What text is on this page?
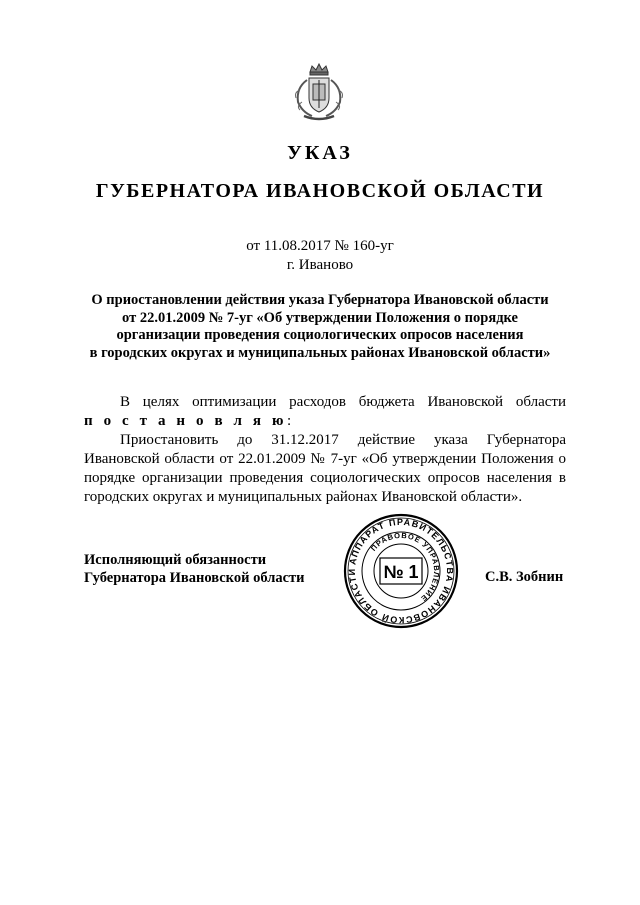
УКАЗ
ГУБЕРНАТОРА ИВАНОВСКОЙ ОБЛАСТИ
от 11.08.2017 № 160-уг
г. Иваново
О приостановлении действия указа Губернатора Ивановской области
от 22.01.2009 № 7-уг «Об утверждении Положения о порядке
организации проведения социологических опросов населения
в городских округах и муниципальных районах Ивановской области»
В целях оптимизации расходов бюджета Ивановской области
п о с т а н о в л я ю:
Приостановить до 31.12.2017 действие указа Губернатора
Ивановской области от 22.01.2009 № 7-уг «Об утверждении Положения о
порядке организации проведения социологических опросов населения в
городских округах и муниципальных районах Ивановской области».
Исполняющий обязанности
Губернатора Ивановской области
АППАРАТ ПРАВИТЕЛЬСТВА ИВАНОВСКОЙ ОБЛАСТИ
ПРАВОВОЕ УПРАВЛЕНИЕ
№ 1	С.В. Зобнин
